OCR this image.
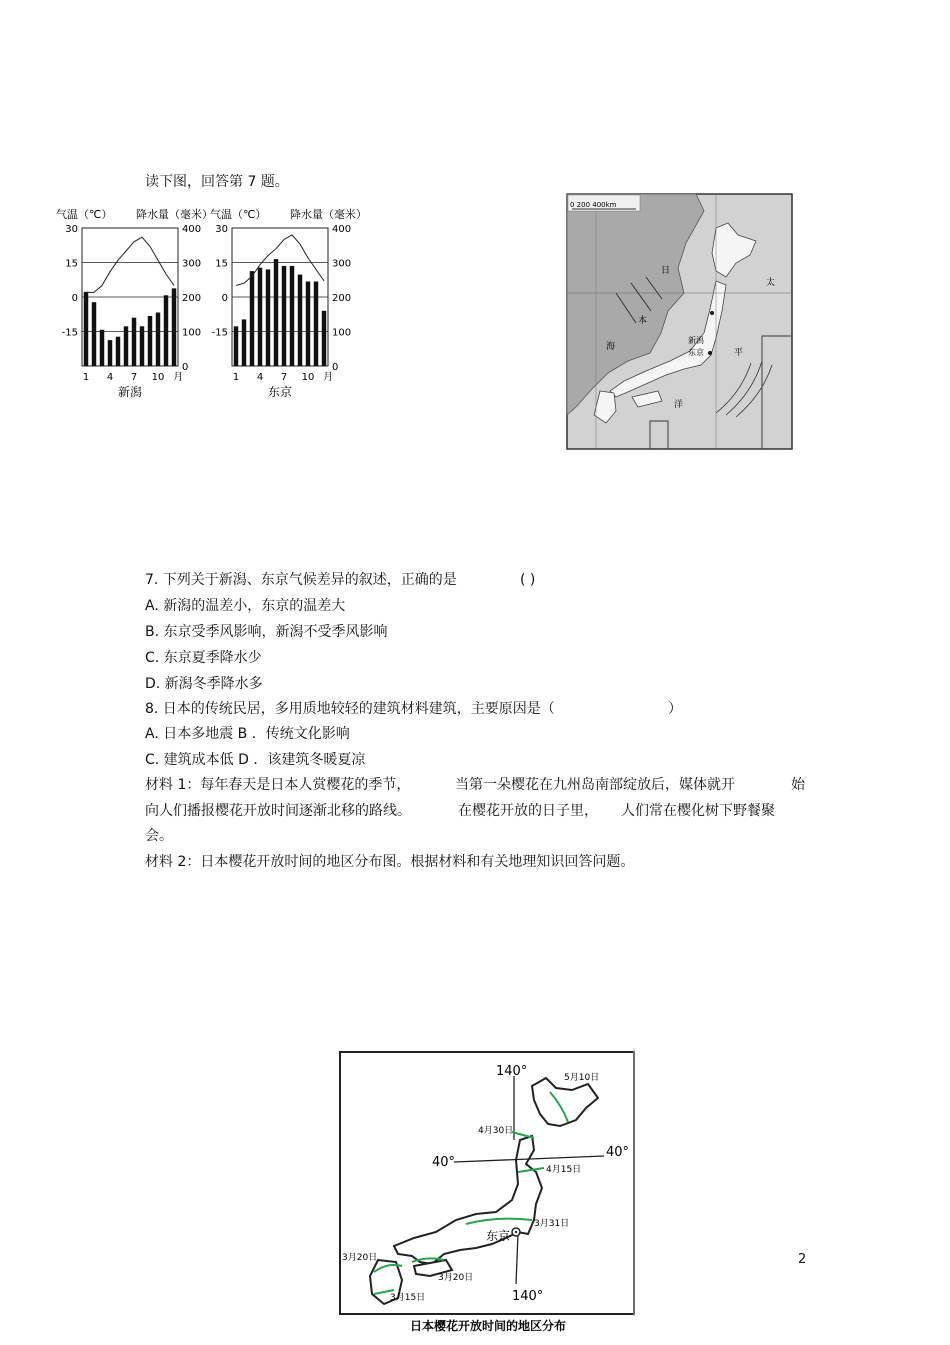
读下图，回答第 7 题。
气温（℃） 降水量（毫米）
气温（℃） 降水量（毫米）
30
15
0
-15
400
300
200
100
0
1 4 7 10 月
新潟
30
15
0
-15
400
300
200
100
0
1 4 7 10 月
东京
0 200 400km
日
本
海
太
平
洋
新潟
东京
7. 下列关于新潟、东京气候差异的叙述，正确的是	( )
A. 新潟的温差小，东京的温差大
B. 东京受季风影响，新潟不受季风影响
C. 东京夏季降水少
D. 新潟冬季降水多
8. 日本的传统民居，多用质地较轻的建筑材料建筑，主要原因是（	）
A. 日本多地震 B ．传统文化影响
C. 建筑成本低 D ．该建筑冬暖夏凉
材料 1：每年春天是日本人赏樱花的季节，	当第一朵樱花在九州岛南部绽放后，媒体就开	始
向人们播报樱花开放时间逐渐北移的路线。	在樱花开放的日子里， 人们常在樱化树下野餐聚
会。
材料 2：日本樱花开放时间的地区分布图。根据材料和有关地理知识回答问题。
140°
140°
40°
40°
东京
5月10日
4月30日
4月15日
3月31日
3月20日
3月20日
3月15日
日本樱花开放时间的地区分布
2
